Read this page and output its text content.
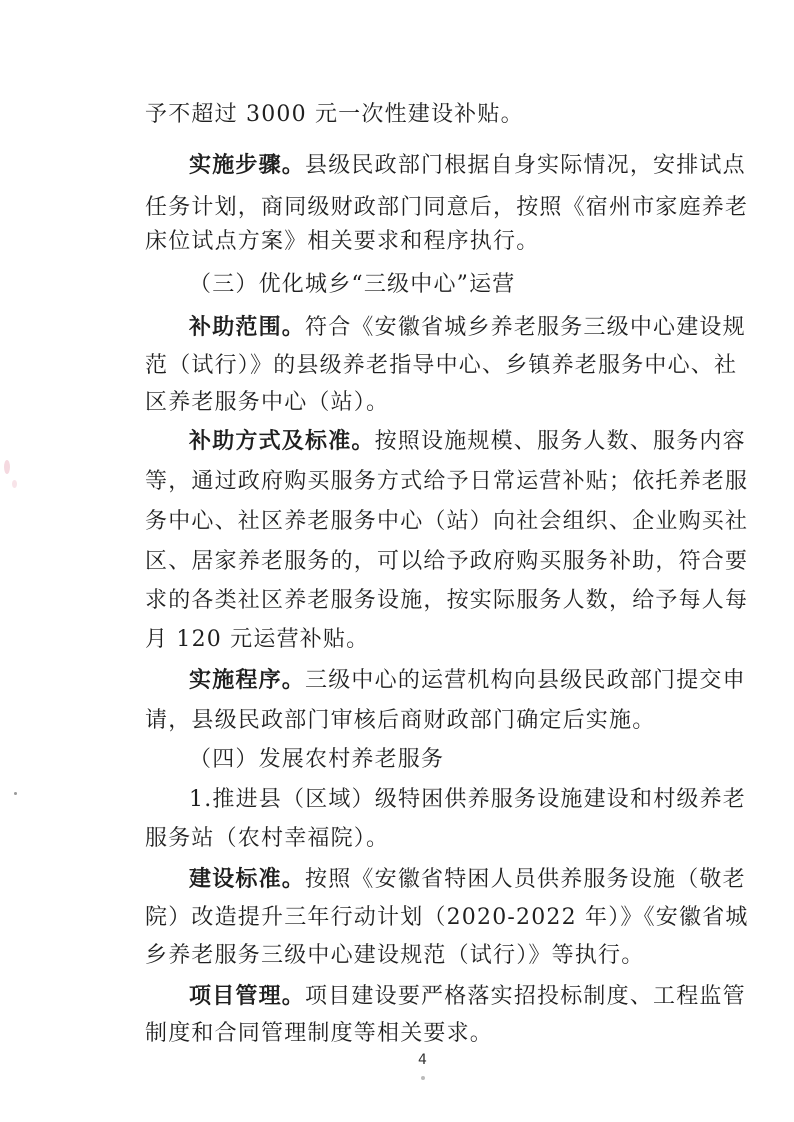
予不超过 3000 元一次性建设补贴。
实施步骤。县级民政部门根据自身实际情况，安排试点
任务计划，商同级财政部门同意后，按照《宿州市家庭养老
床位试点方案》相关要求和程序执行。
（三）优化城乡“三级中心”运营
补助范围。符合《安徽省城乡养老服务三级中心建设规
范（试行）》的县级养老指导中心、乡镇养老服务中心、社
区养老服务中心（站）。
补助方式及标准。按照设施规模、服务人数、服务内容
等，通过政府购买服务方式给予日常运营补贴；依托养老服
务中心、社区养老服务中心（站）向社会组织、企业购买社
区、居家养老服务的，可以给予政府购买服务补助，符合要
求的各类社区养老服务设施，按实际服务人数，给予每人每
月 120 元运营补贴。
实施程序。三级中心的运营机构向县级民政部门提交申
请，县级民政部门审核后商财政部门确定后实施。
（四）发展农村养老服务
1.推进县（区域）级特困供养服务设施建设和村级养老
服务站（农村幸福院）。
建设标准。按照《安徽省特困人员供养服务设施（敬老
院）改造提升三年行动计划（2020-2022 年）》《安徽省城
乡养老服务三级中心建设规范（试行）》等执行。
项目管理。项目建设要严格落实招投标制度、工程监管
制度和合同管理制度等相关要求。
4
